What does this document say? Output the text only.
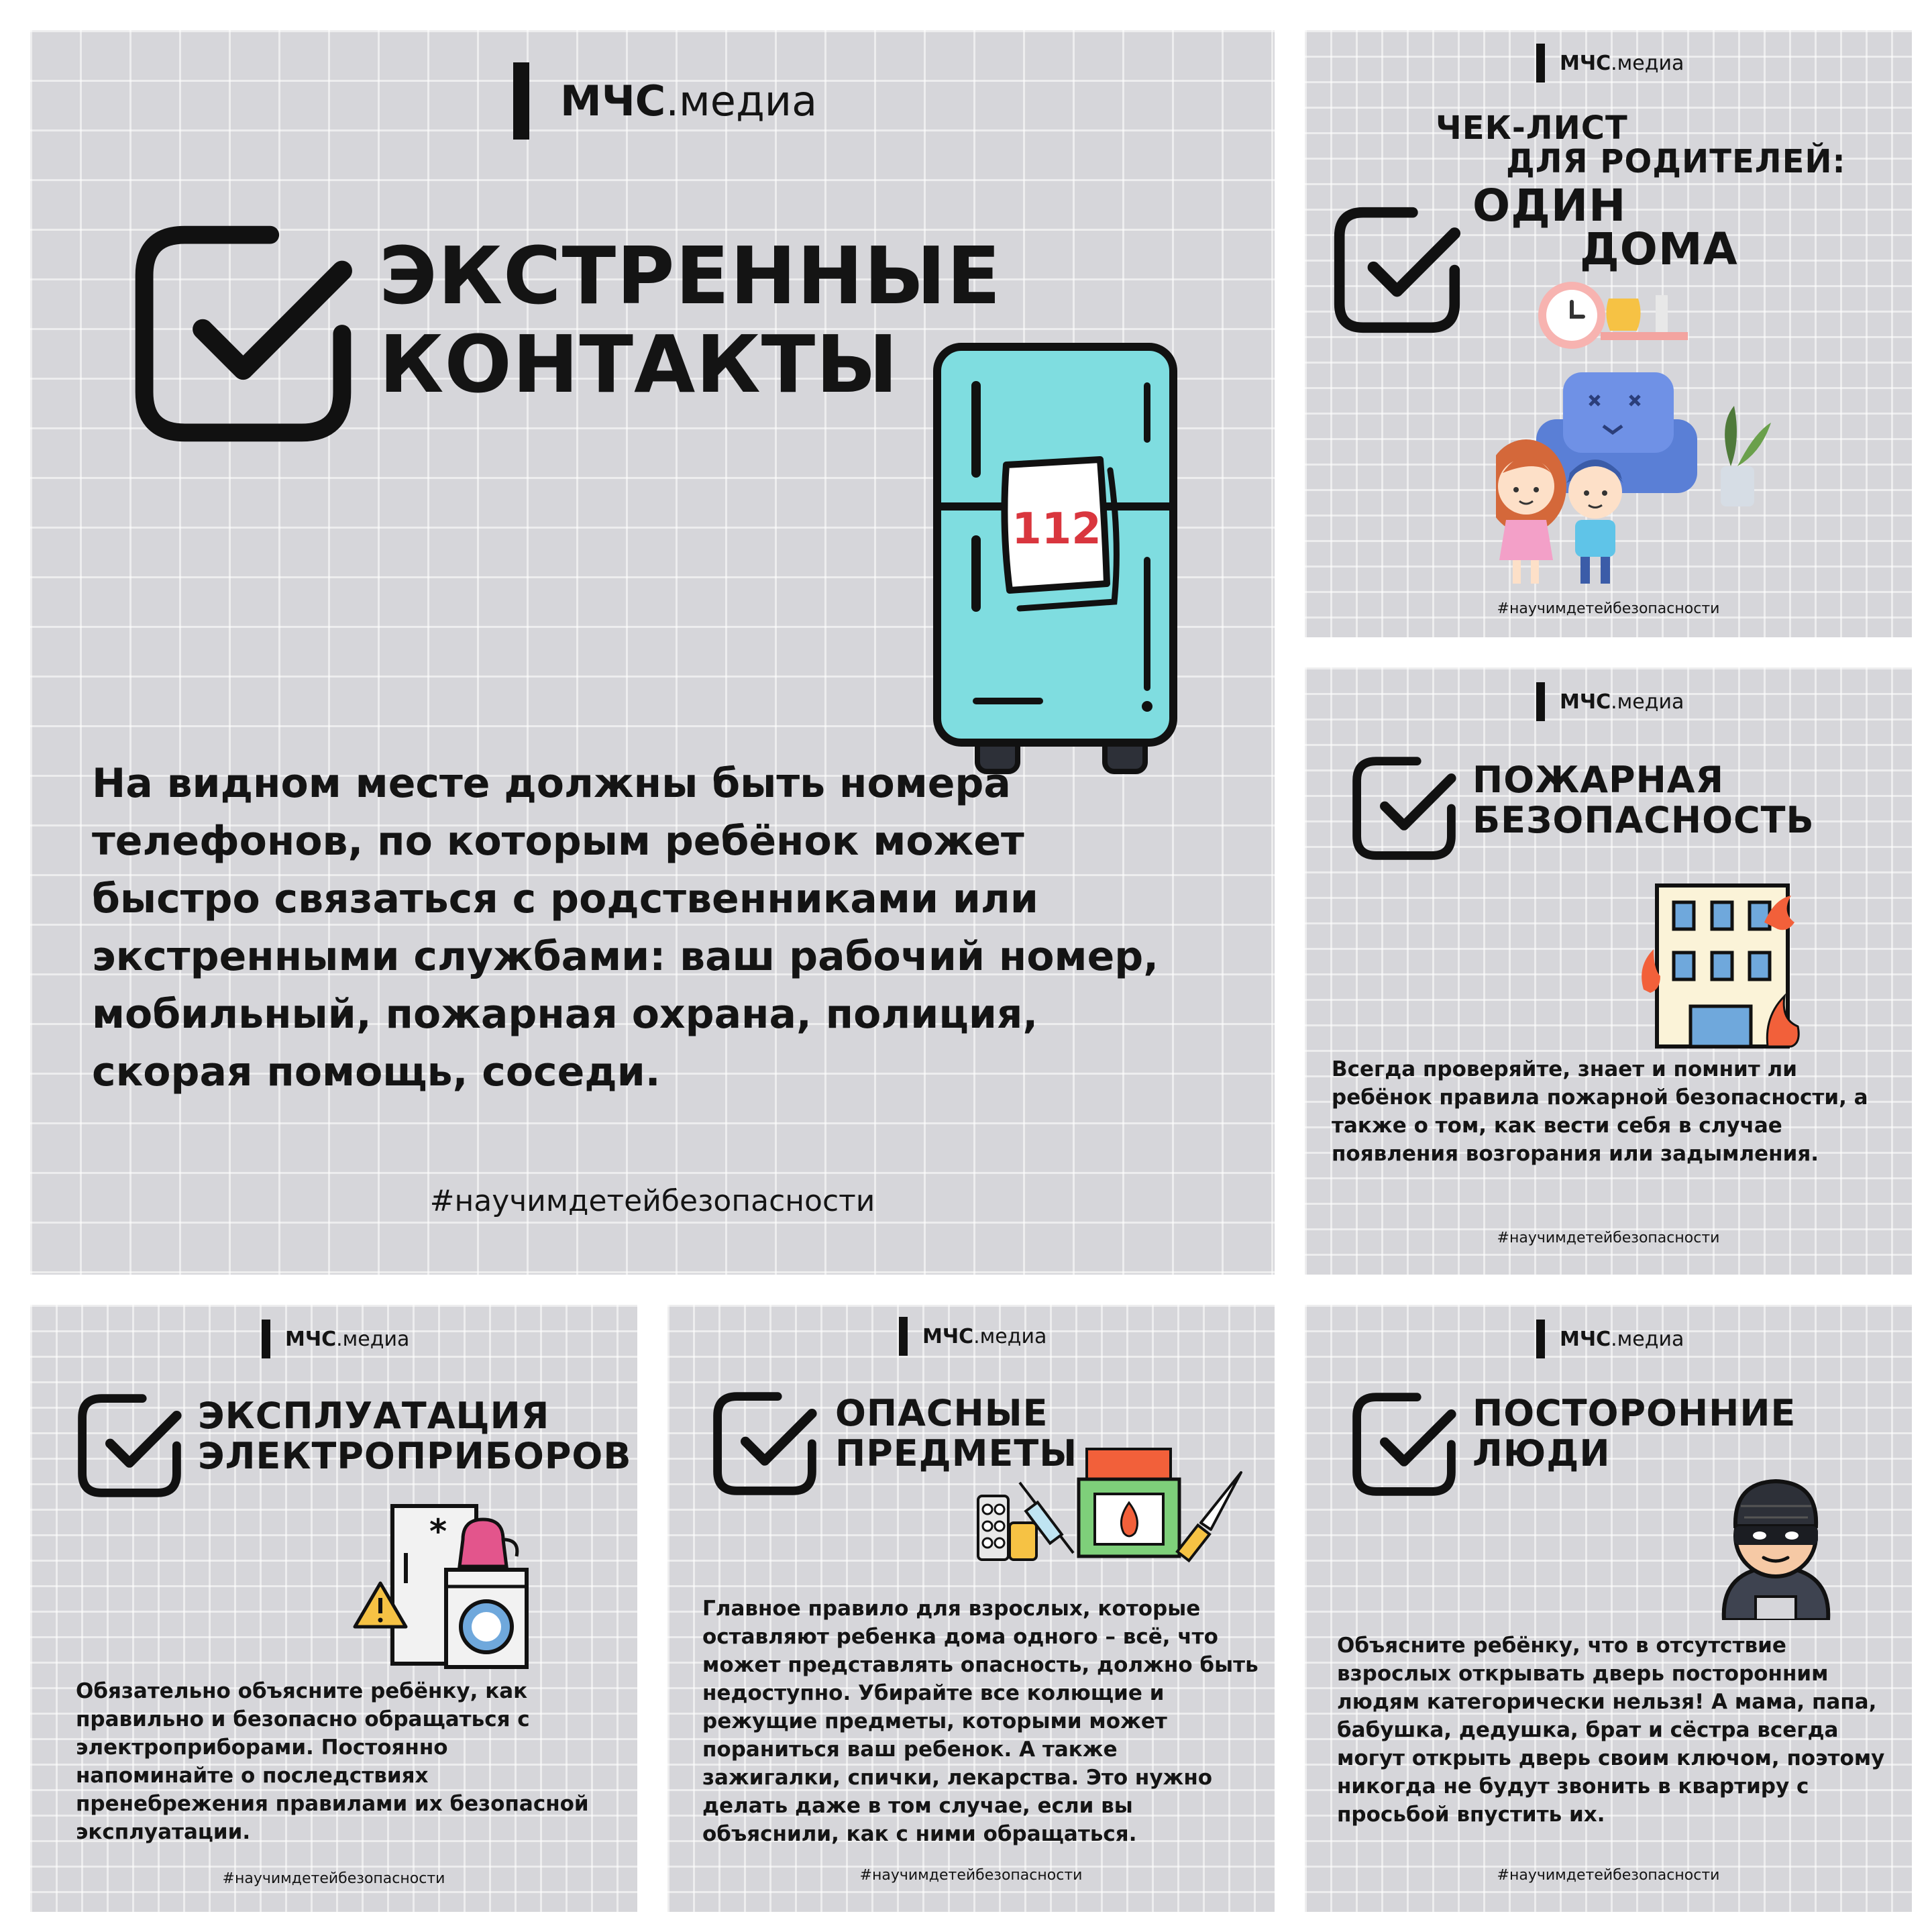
МЧС .медиа
ЭКСТРЕННЫЕ
КОНТАКТЫ
112

На видном месте должны быть номера телефонов, по которым ребёнок может быстро связаться с родственниками или экстренными службами: ваш рабочий номер, мобильный, пожарная охрана, полиция, скорая помощь, соседи.

#научимдетейбезопасности
МЧС .медиа
ЧЕК-ЛИСТ
ДЛЯ РОДИТЕЛЕЙ:
ОДИН
ДОМА
#научимдетейбезопасности
МЧС .медиа
ПОЖАРНАЯ
БЕЗОПАСНОСТЬ

Всегда проверяйте, знает и помнит ли ребёнок правила пожарной безопасности, а также о том, как вести себя в случае появления возгорания или задымления.

#научимдетейбезопасности
МЧС .медиа
ЭКСПЛУАТАЦИЯ
ЭЛЕКТРОПРИБОРОВ
*

Обязательно объясните ребёнку, как правильно и безопасно обращаться с электроприборами. Постоянно напоминайте о последствиях пренебрежения правилами их безопасной эксплуатации.

#научимдетейбезопасности
МЧС .медиа
ОПАСНЫЕ
ПРЕДМЕТЫ

Главное правило для взрослых, которые оставляют ребенка дома одного – всё, что может представлять опасность, должно быть недоступно. Убирайте все колющие и режущие предметы, которыми может пораниться ваш ребенок. А также зажигалки, спички, лекарства. Это нужно делать даже в том случае, если вы объяснили, как с ними обращаться.

#научимдетейбезопасности
МЧС .медиа
ПОСТОРОННИЕ
ЛЮДИ

Объясните ребёнку, что в отсутствие взрослых открывать дверь посторонним людям категорически нельзя! А мама, папа, бабушка, дедушка, брат и сёстра всегда могут открыть дверь своим ключом, поэтому никогда не будут звонить в квартиру с просьбой впустить их.

#научимдетейбезопасности
